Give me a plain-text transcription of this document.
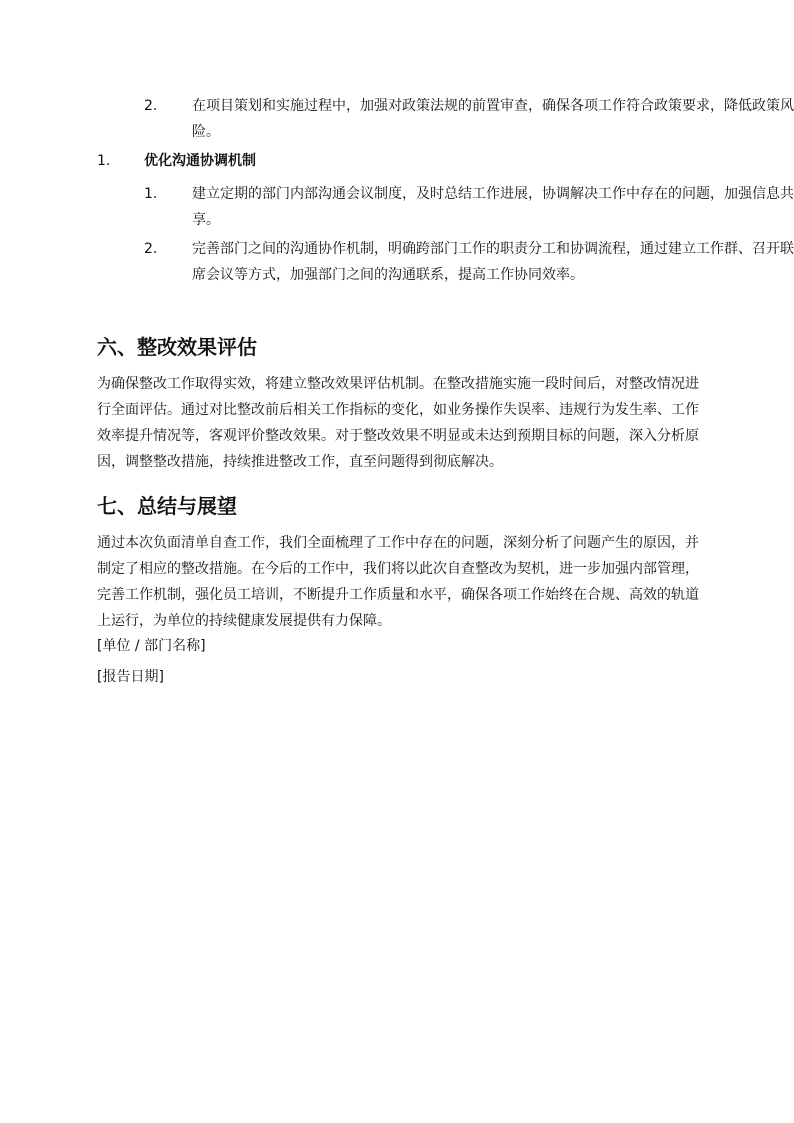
2. 在项目策划和实施过程中，加强对政策法规的前置审查，确保各项工作符合政策要求，降低政策风险。
1. 优化沟通协调机制
1. 建立定期的部门内部沟通会议制度，及时总结工作进展，协调解决工作中存在的问题，加强信息共享。
2. 完善部门之间的沟通协作机制，明确跨部门工作的职责分工和协调流程，通过建立工作群、召开联席会议等方式，加强部门之间的沟通联系，提高工作协同效率。
六、整改效果评估

为确保整改工作取得实效，将建立整改效果评估机制。在整改措施实施一段时间后，对整改情况进行全面评估。通过对比整改前后相关工作指标的变化，如业务操作失误率、违规行为发生率、工作效率提升情况等，客观评价整改效果。对于整改效果不明显或未达到预期目标的问题，深入分析原因，调整整改措施，持续推进整改工作，直至问题得到彻底解决。

七、总结与展望

通过本次负面清单自查工作，我们全面梳理了工作中存在的问题，深刻分析了问题产生的原因，并制定了相应的整改措施。在今后的工作中，我们将以此次自查整改为契机，进一步加强内部管理，完善工作机制，强化员工培训，不断提升工作质量和水平，确保各项工作始终在合规、高效的轨道上运行，为单位的持续健康发展提供有力保障。

[单位 / 部门名称]

[报告日期]
